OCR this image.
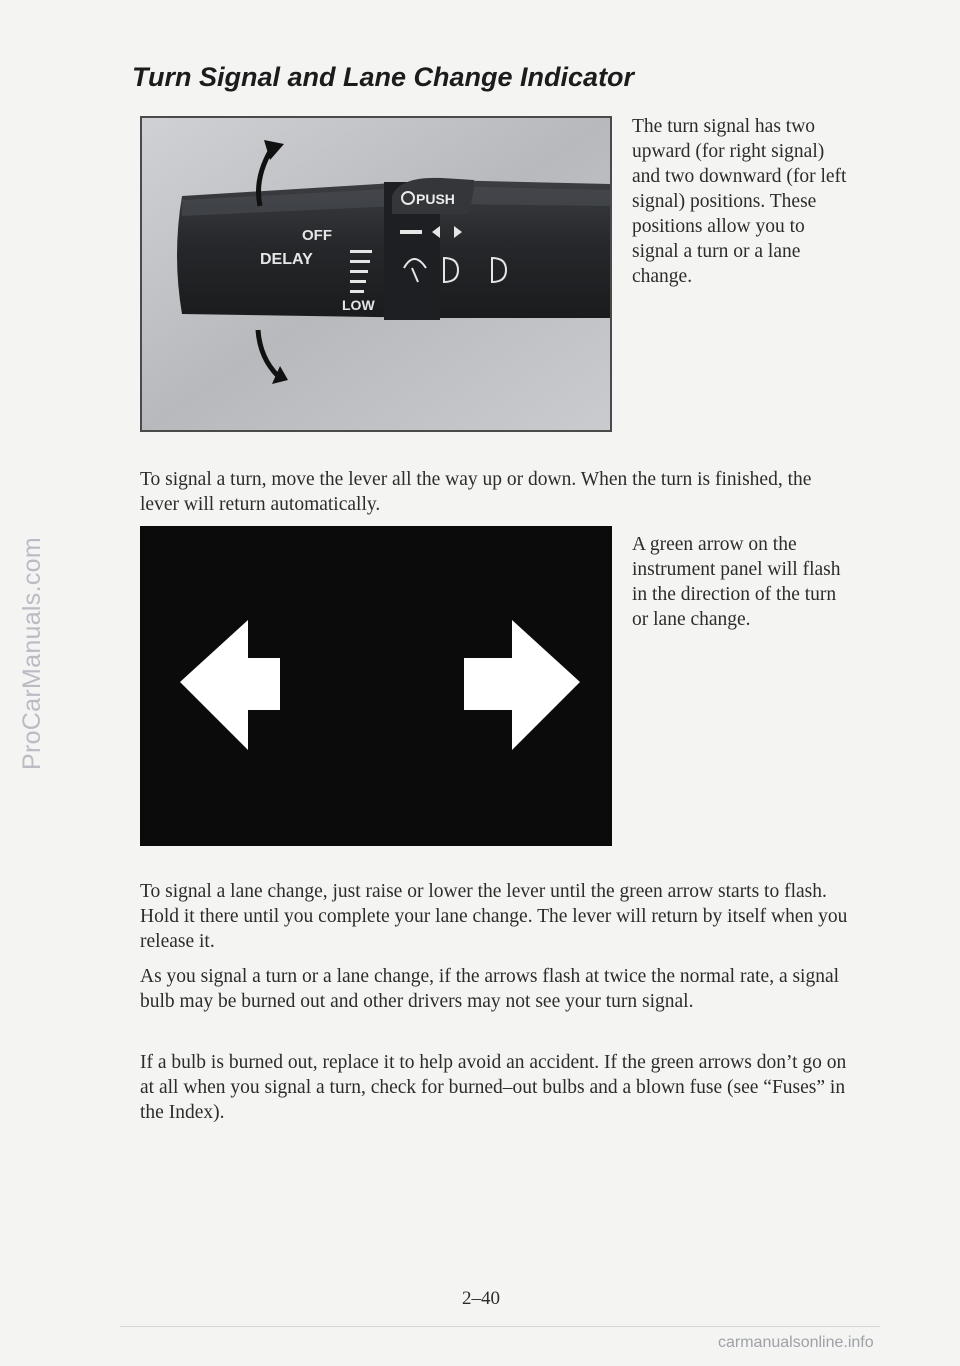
ProCarManuals.com
Turn Signal and Lane Change Indicator
PUSH
OFF
DELAY
LOW

The turn signal has two upward (for right signal) and two downward (for left signal) positions. These positions allow you to signal a turn or a lane change.

To signal a turn, move the lever all the way up or down. When the turn is finished, the lever will return automatically.

A green arrow on the instrument panel will flash in the direction of the turn or lane change.

To signal a lane change, just raise or lower the lever until the green arrow starts to flash. Hold it there until you complete your lane change. The lever will return by itself when you release it.

As you signal a turn or a lane change, if the arrows flash at twice the normal rate, a signal bulb may be burned out and other drivers may not see your turn signal.

If a bulb is burned out, replace it to help avoid an accident. If the green arrows don’t go on at all when you signal a turn, check for burned–out bulbs and a blown fuse (see “Fuses” in the Index).

2–40
carmanualsonline.info
